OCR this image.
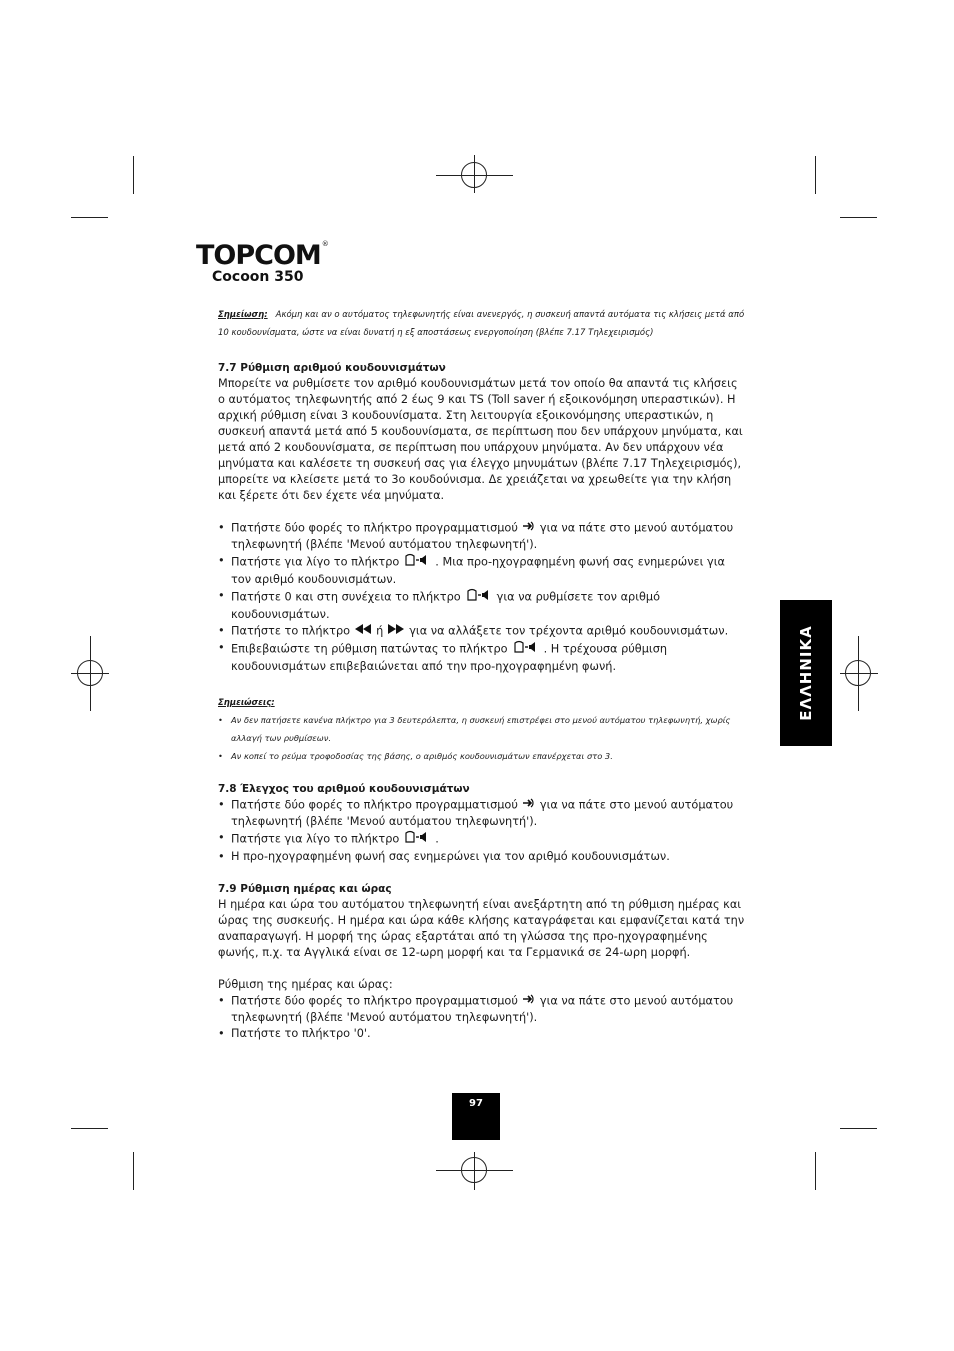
TOPCOM®
Cocoon 350
Σημείωση: Ακόμη και αν ο αυτόματος τηλεφωνητής είναι ανενεργός, η συσκευή απαντά αυτόματα τις κλήσεις μετά από 10 κουδουνίσματα, ώστε να είναι δυνατή η εξ αποστάσεως ενεργοποίηση (βλέπε 7.17 Τηλεχειρισμός)
7.7 Ρύθμιση αριθμού κουδουνισμάτων

Μπορείτε να ρυθμίσετε τον αριθμό κουδουνισμάτων μετά τον οποίο θα απαντά τις κλήσεις ο αυτόματος τηλεφωνητής από 2 έως 9 και TS (Toll saver ή εξοικονόμηση υπεραστικών). Η αρχική ρύθμιση είναι 3 κουδουνίσματα. Στη λειτουργία εξοικονόμησης υπεραστικών, η συσκευή απαντά μετά από 5 κουδουνίσματα, σε περίπτωση που δεν υπάρχουν μηνύματα, και μετά από 2 κουδουνίσματα, σε περίπτωση που υπάρχουν μηνύματα. Αν δεν υπάρχουν νέα μηνύματα και καλέσετε τη συσκευή σας για έλεγχο μηνυμάτων (βλέπε 7.17 Τηλεχειρισμός), μπορείτε να κλείσετε μετά το 3ο κουδούνισμα. Δε χρειάζεται να χρεωθείτε για την κλήση και ξέρετε ότι δεν έχετε νέα μηνύματα.

• Πατήστε δύο φορές το πλήκτρο προγραμματισμού για να πάτε στο μενού αυτόματου τηλεφωνητή (βλέπε 'Μενού αυτόματου τηλεφωνητή').
• Πατήστε για λίγο το πλήκτρο	. Μια προ-ηχογραφημένη φωνή σας ενημερώνει για τον αριθμό κουδουνισμάτων.
• Πατήστε 0 και στη συνέχεια το πλήκτρο	για να ρυθμίσετε τον αριθμό κουδουνισμάτων.
• Πατήστε το πλήκτρο ή για να αλλάξετε τον τρέχοντα αριθμό κουδουνισμάτων.
• Επιβεβαιώστε τη ρύθμιση πατώντας το πλήκτρο	. Η τρέχουσα ρύθμιση κουδουνισμάτων επιβεβαιώνεται από την προ-ηχογραφημένη φωνή.
Σημειώσεις:
• Αν δεν πατήσετε κανένα πλήκτρο για 3 δευτερόλεπτα, η συσκευή επιστρέφει στο μενού αυτόματου τηλεφωνητή, χωρίς αλλαγή των ρυθμίσεων.
• Αν κοπεί το ρεύμα τροφοδοσίας της βάσης, ο αριθμός κουδουνισμάτων επανέρχεται στο 3.
7.8 Έλεγχος του αριθμού κουδουνισμάτων
• Πατήστε δύο φορές το πλήκτρο προγραμματισμού για να πάτε στο μενού αυτόματου τηλεφωνητή (βλέπε 'Μενού αυτόματου τηλεφωνητή').
• Πατήστε για λίγο το πλήκτρο	.
• Η προ-ηχογραφημένη φωνή σας ενημερώνει για τον αριθμό κουδουνισμάτων.
7.9 Ρύθμιση ημέρας και ώρας

Η ημέρα και ώρα του αυτόματου τηλεφωνητή είναι ανεξάρτητη από τη ρύθμιση ημέρας και ώρας της συσκευής. Η ημέρα και ώρα κάθε κλήσης καταγράφεται και εμφανίζεται κατά την αναπαραγωγή. Η μορφή της ώρας εξαρτάται από τη γλώσσα της προ-ηχογραφημένης φωνής, π.χ. τα Αγγλικά είναι σε 12-ωρη μορφή και τα Γερμανικά σε 24-ωρη μορφή.

Ρύθμιση της ημέρας και ώρας:
• Πατήστε δύο φορές το πλήκτρο προγραμματισμού για να πάτε στο μενού αυτόματου τηλεφωνητή (βλέπε 'Μενού αυτόματου τηλεφωνητή').
• Πατήστε το πλήκτρο '0'.
ΕΛΛΗΝΙΚΑ
97
